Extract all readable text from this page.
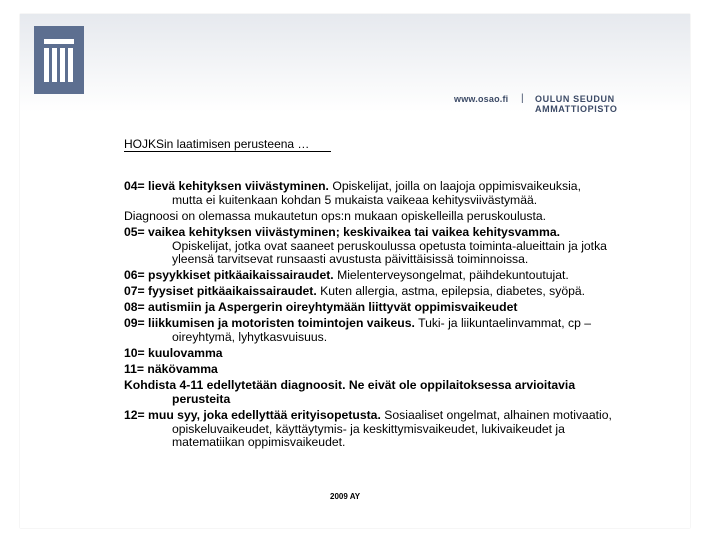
www.osao.fi | OULUN SEUDUN AMMATTIOPISTO
HOJKSin laatimisen perusteena …

04= lievä kehityksen viivästyminen. Opiskelijat, joilla on laajoja oppimisvaikeuksia, mutta ei kuitenkaan kohdan 5 mukaista vaikeaa kehitysviivästymää.

Diagnoosi on olemassa mukautetun ops:n mukaan opiskelleilla peruskoulusta.

05= vaikea kehityksen viivästyminen; keskivaikea tai vaikea kehitysvamma. Opiskelijat, jotka ovat saaneet peruskoulussa opetusta toiminta-alueittain ja jotka yleensä tarvitsevat runsaasti avustusta päivittäisissä toiminnoissa.

06= psyykkiset pitkäaikaissairaudet. Mielenterveysongelmat, päihdekuntoutujat.

07= fyysiset pitkäaikaissairaudet. Kuten allergia, astma, epilepsia, diabetes, syöpä.

08= autismiin ja Aspergerin oireyhtymään liittyvät oppimisvaikeudet

09= liikkumisen ja motoristen toimintojen vaikeus. Tuki- ja liikuntaelinvammat, cp –oireyhtymä, lyhytkasvuisuus.

10= kuulovamma

11= näkövamma

Kohdista 4-11 edellytetään diagnoosit. Ne eivät ole oppilaitoksessa arvioitavia perusteita

12= muu syy, joka edellyttää erityisopetusta. Sosiaaliset ongelmat, alhainen motivaatio, opiskeluvaikeudet, käyttäytymis- ja keskittymisvaikeudet, lukivaikeudet ja matematiikan oppimisvaikeudet.

2009 AY
